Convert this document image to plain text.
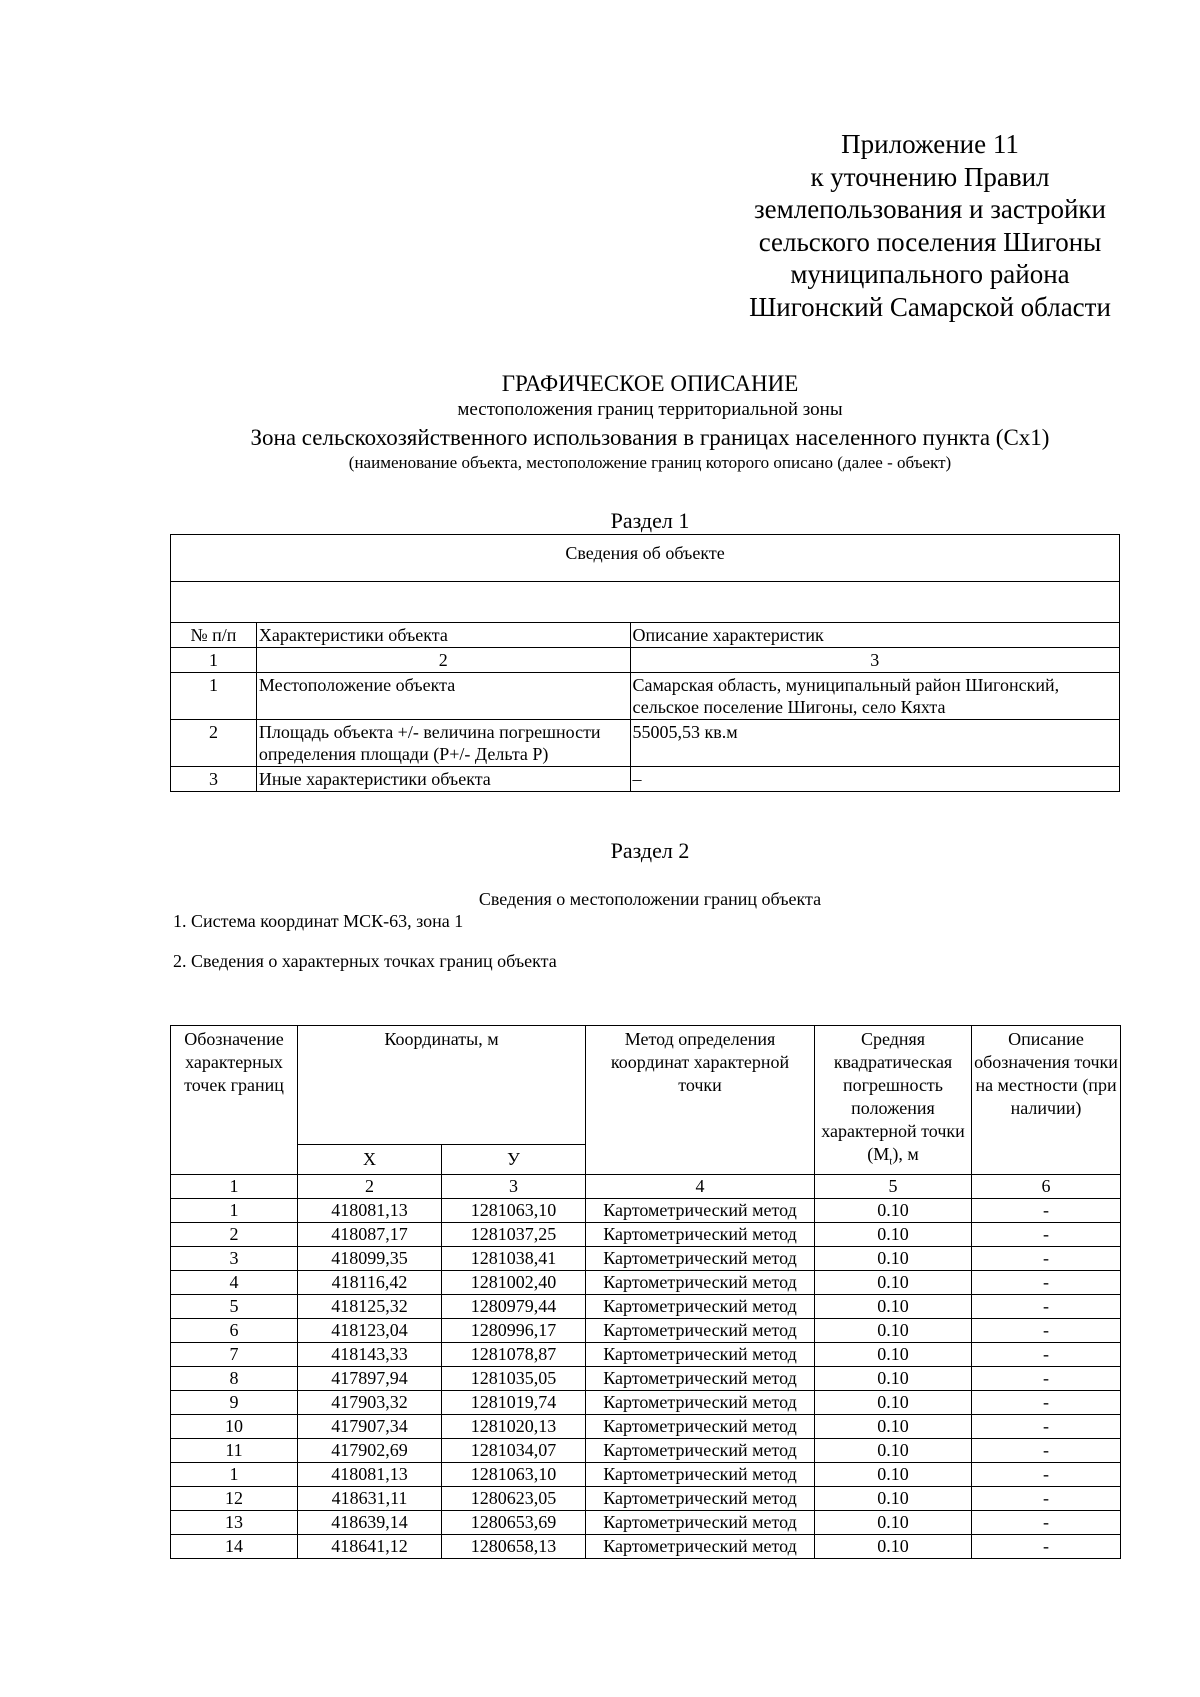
Приложение 11
к уточнению Правил
землепользования и застройки
сельского поселения Шигоны
муниципального района
Шигонский Самарской области
ГРАФИЧЕСКОЕ ОПИСАНИЕ
местоположения границ территориальной зоны
Зона сельскохозяйственного использования в границах населенного пункта (Сх1)
(наименование объекта, местоположение границ которого описано (далее - объект)
Раздел 1
Сведения об объекте		

№ п/п	Характеристики объекта	Описание характеристик
1	2	3
1	Местоположение объекта	Самарская область, муниципальный район Шигонский, сельское поселение Шигоны, село Кяхта
2	Площадь объекта +/- величина погрешности определения площади (Р+/- Дельта Р)	55005,53 кв.м
3	Иные характеристики объекта	–
Раздел 2
Сведения о местоположении границ объекта
1. Система координат МСК-63, зона 1
2. Сведения о характерных точках границ объекта
Обозначение характерных точек границ	Координаты, м		Метод определения координат характерной точки	Средняя квадратическая погрешность положения характерной точки $(М_t)$, м	Описание обозначения точки на местности (при наличии)
	Х	У			
1	2	3	4	5	6
1	418081,13	1281063,10	Картометрический метод	0.10	-
2	418087,17	1281037,25	Картометрический метод	0.10	-
3	418099,35	1281038,41	Картометрический метод	0.10	-
4	418116,42	1281002,40	Картометрический метод	0.10	-
5	418125,32	1280979,44	Картометрический метод	0.10	-
6	418123,04	1280996,17	Картометрический метод	0.10	-
7	418143,33	1281078,87	Картометрический метод	0.10	-
8	417897,94	1281035,05	Картометрический метод	0.10	-
9	417903,32	1281019,74	Картометрический метод	0.10	-
10	417907,34	1281020,13	Картометрический метод	0.10	-
11	417902,69	1281034,07	Картометрический метод	0.10	-
1	418081,13	1281063,10	Картометрический метод	0.10	-
12	418631,11	1280623,05	Картометрический метод	0.10	-
13	418639,14	1280653,69	Картометрический метод	0.10	-
14	418641,12	1280658,13	Картометрический метод	0.10	-
